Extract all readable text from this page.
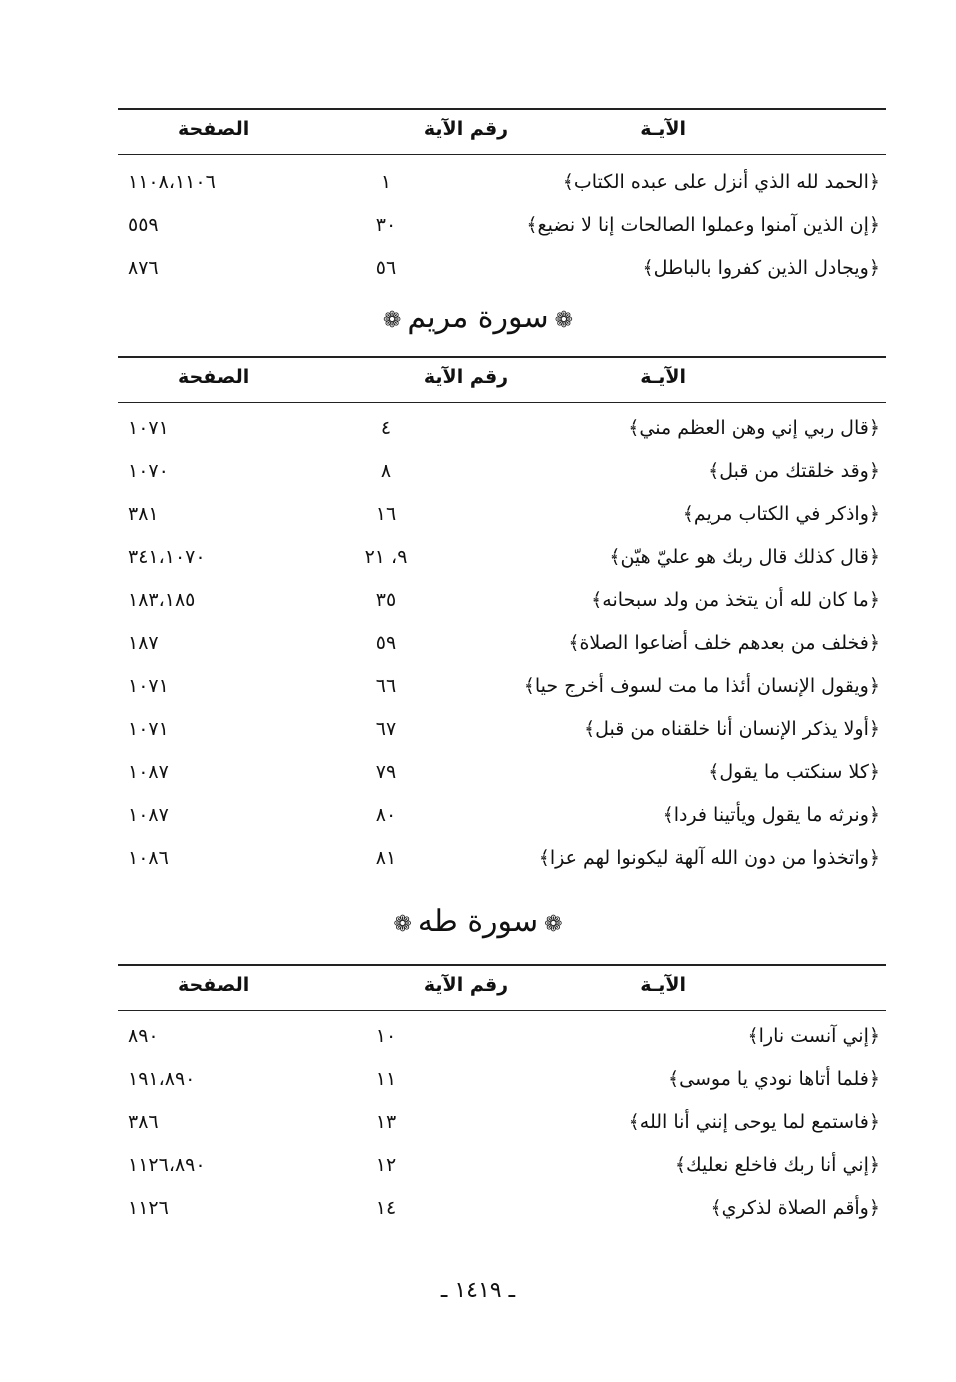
الآيـة
رقم الآية
الصفحة
﴿الحمد لله الذي أنزل على عبده الكتاب﴾
١
١١٠٨،١١٠٦
﴿إن الذين آمنوا وعملوا الصالحات إنا لا نضيع﴾
٣٠
٥٥٩
﴿ويجادل الذين كفروا بالباطل﴾
٥٦
٨٧٦
❁سورة مريم❁
الآيـة
رقم الآية
الصفحة
﴿قال ربي إني وهن العظم مني﴾
٤
١٠٧١
﴿وقد خلقتك من قبل﴾
٨
١٠٧٠
﴿واذكر في الكتاب مريم﴾
١٦
٣٨١
﴿قال كذلك قال ربك هو عليّ هيّن﴾
٩، ٢١
٣٤١،١٠٧٠
﴿ما كان لله أن يتخذ من ولد سبحانه﴾
٣٥
١٨٣،١٨٥
﴿فخلف من بعدهم خلف أضاعوا الصلاة﴾
٥٩
١٨٧
﴿ويقول الإنسان أئذا ما مت لسوف أخرج حيا﴾
٦٦
١٠٧١
﴿أولا يذكر الإنسان أنا خلقناه من قبل﴾
٦٧
١٠٧١
﴿كلا سنكتب ما يقول﴾
٧٩
١٠٨٧
﴿ونرثه ما يقول ويأتينا فردا﴾
٨٠
١٠٨٧
﴿واتخذوا من دون الله آلهة ليكونوا لهم عزا﴾
٨١
١٠٨٦
❁سورة طه❁
الآيـة
رقم الآية
الصفحة
﴿إني آنست نارا﴾
١٠
٨٩٠
﴿فلما أتاها نودي يا موسى﴾
١١
١٩١،٨٩٠
﴿فاستمع لما يوحى إنني أنا الله﴾
١٣
٣٨٦
﴿إني أنا ربك فاخلع نعليك﴾
١٢
١١٢٦،٨٩٠
﴿وأقم الصلاة لذكري﴾
١٤
١١٢٦
ـ ١٤١٩ ـ
